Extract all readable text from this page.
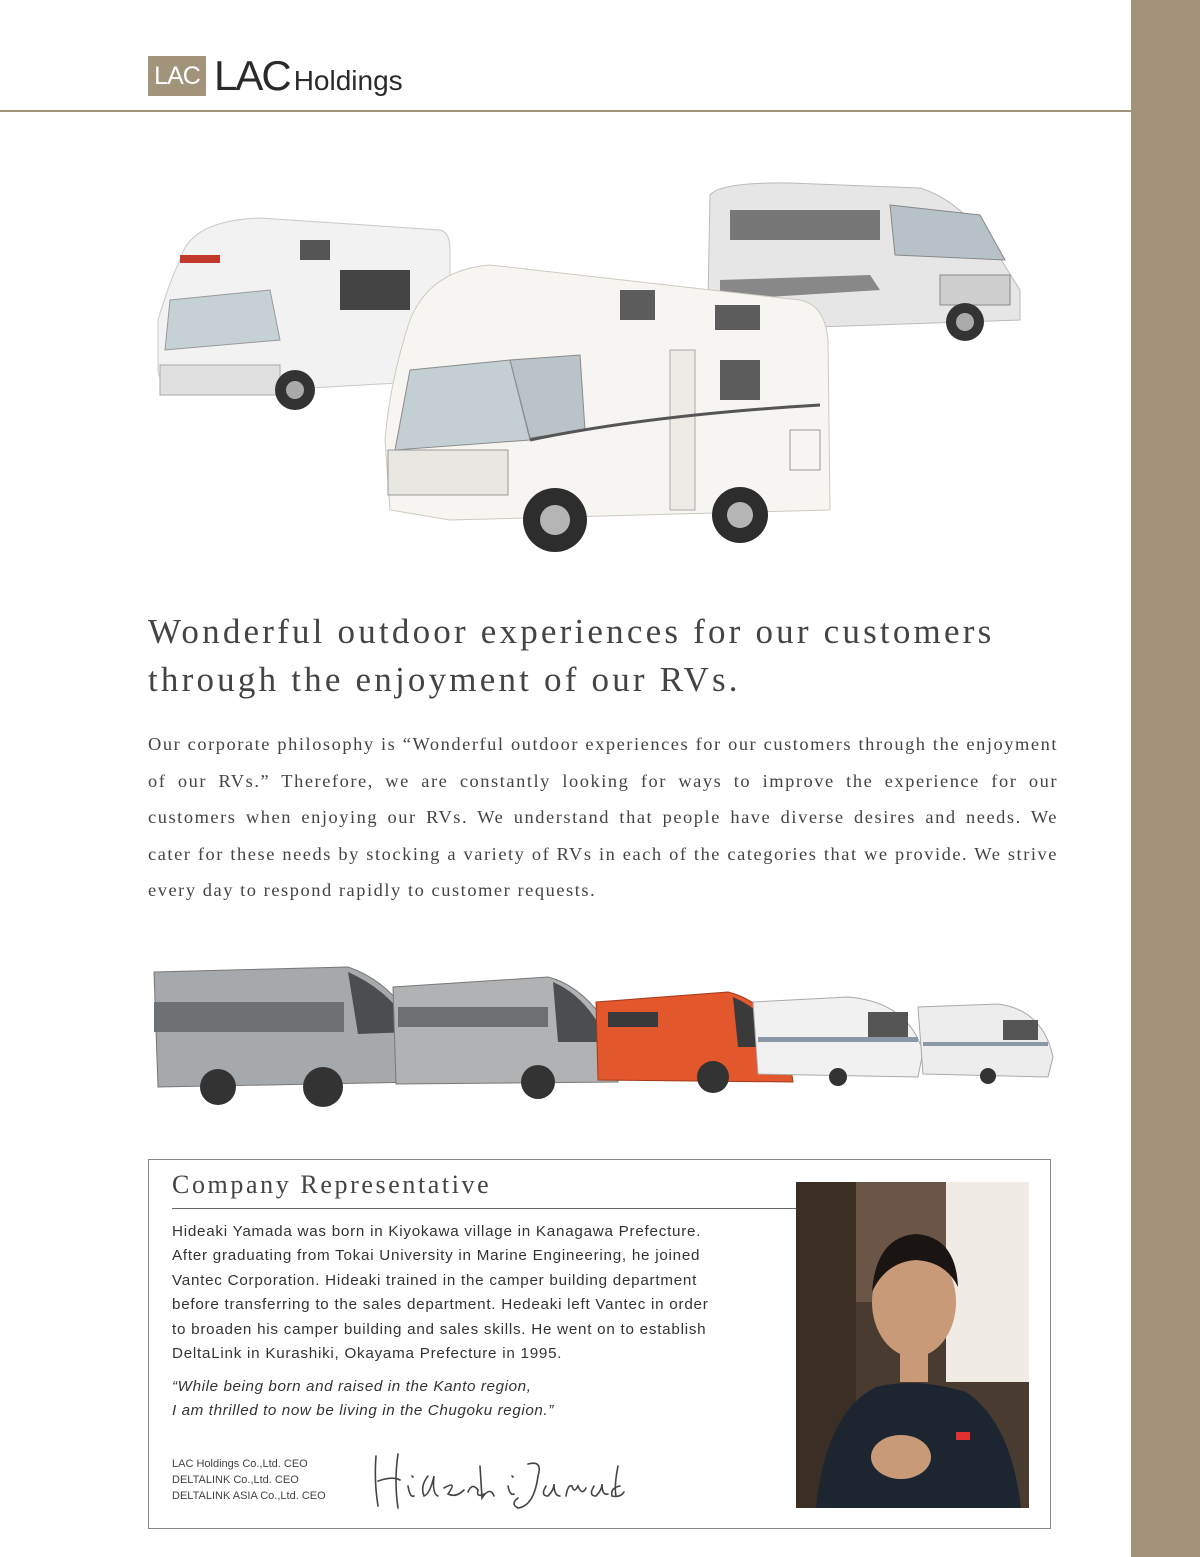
LAC LAC Holdings
Wonderful outdoor experiences for our customers
through the enjoyment of our RVs.

Our corporate philosophy is “Wonderful outdoor experiences for our customers through the enjoyment of our RVs.” Therefore, we are constantly looking for ways to improve the experience for our customers when enjoying our RVs. We understand that people have diverse desires and needs. We cater for these needs by stocking a variety of RVs in each of the categories that we provide. We strive every day to respond rapidly to customer requests.

Company Representative
Hideaki Yamada was born in Kiyokawa village in Kanagawa Prefecture.
After graduating from Tokai University in Marine Engineering, he joined
Vantec Corporation. Hideaki trained in the camper building department
before transferring to the sales department. Hedeaki left Vantec in order
to broaden his camper building and sales skills. He went on to establish
DeltaLink in Kurashiki, Okayama Prefecture in 1995.
“While being born and raised in the Kanto region,
I am thrilled to now be living in the Chugoku region.”
LAC Holdings Co.,Ltd. CEO
DELTALINK Co.,Ltd. CEO
DELTALINK ASIA Co.,Ltd. CEO
